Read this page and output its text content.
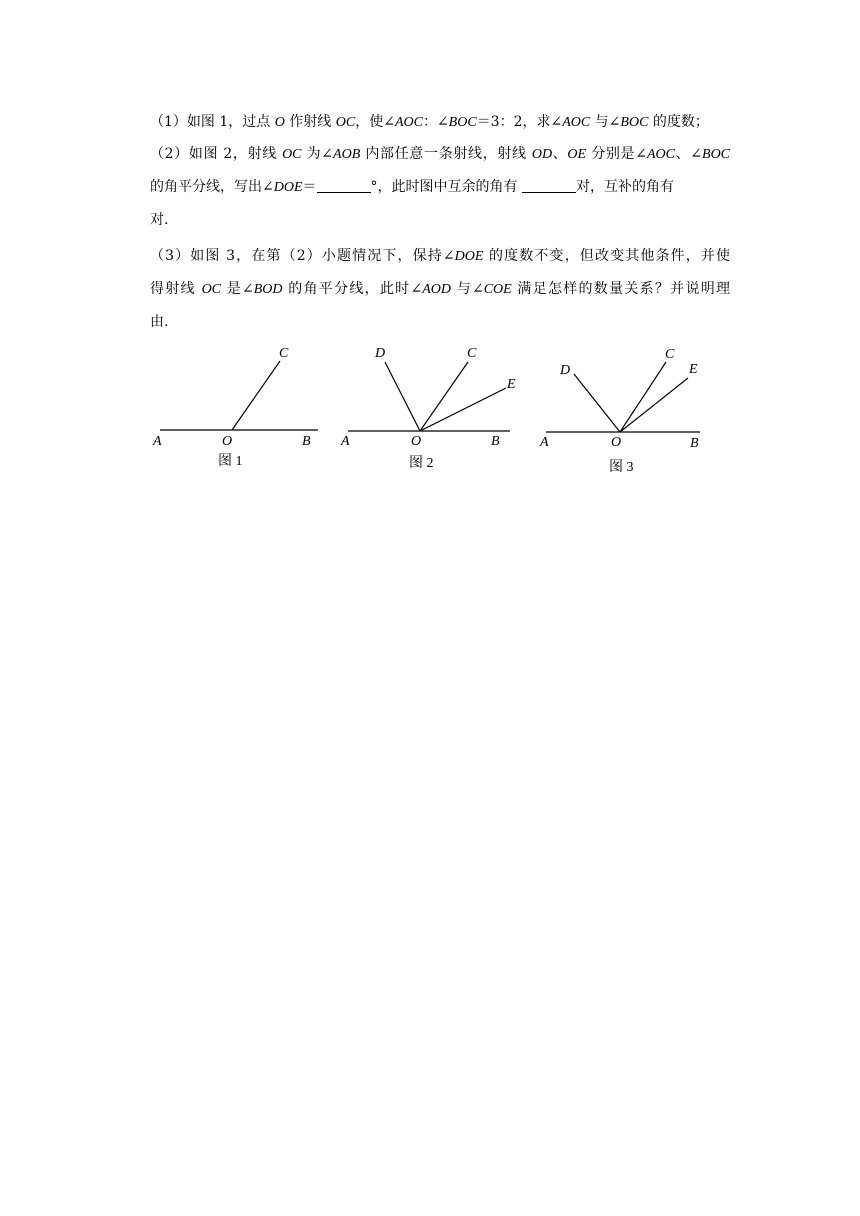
（1）如图 1，过点 O 作射线 OC，使∠AOC：∠BOC＝3：2，求∠AOC 与∠BOC 的度数；
（2）如图 2，射线 OC 为∠AOB 内部任意一条射线，射线 OD、OE 分别是∠AOC、∠BOC
的角平分线，写出∠DOE＝	°，此时图中互余的角有	对，互补的角有
对.
（3）如图 3，在第（2）小题情况下，保持∠DOE 的度数不变，但改变其他条件，并使
得射线 OC 是∠BOD 的角平分线，此时∠AOD 与∠COE 满足怎样的数量关系？并说明理
由.
A	O	B
C
A	O	B
D	C
E
A	O	B
D
C
E
图 1	图 2	图 3
